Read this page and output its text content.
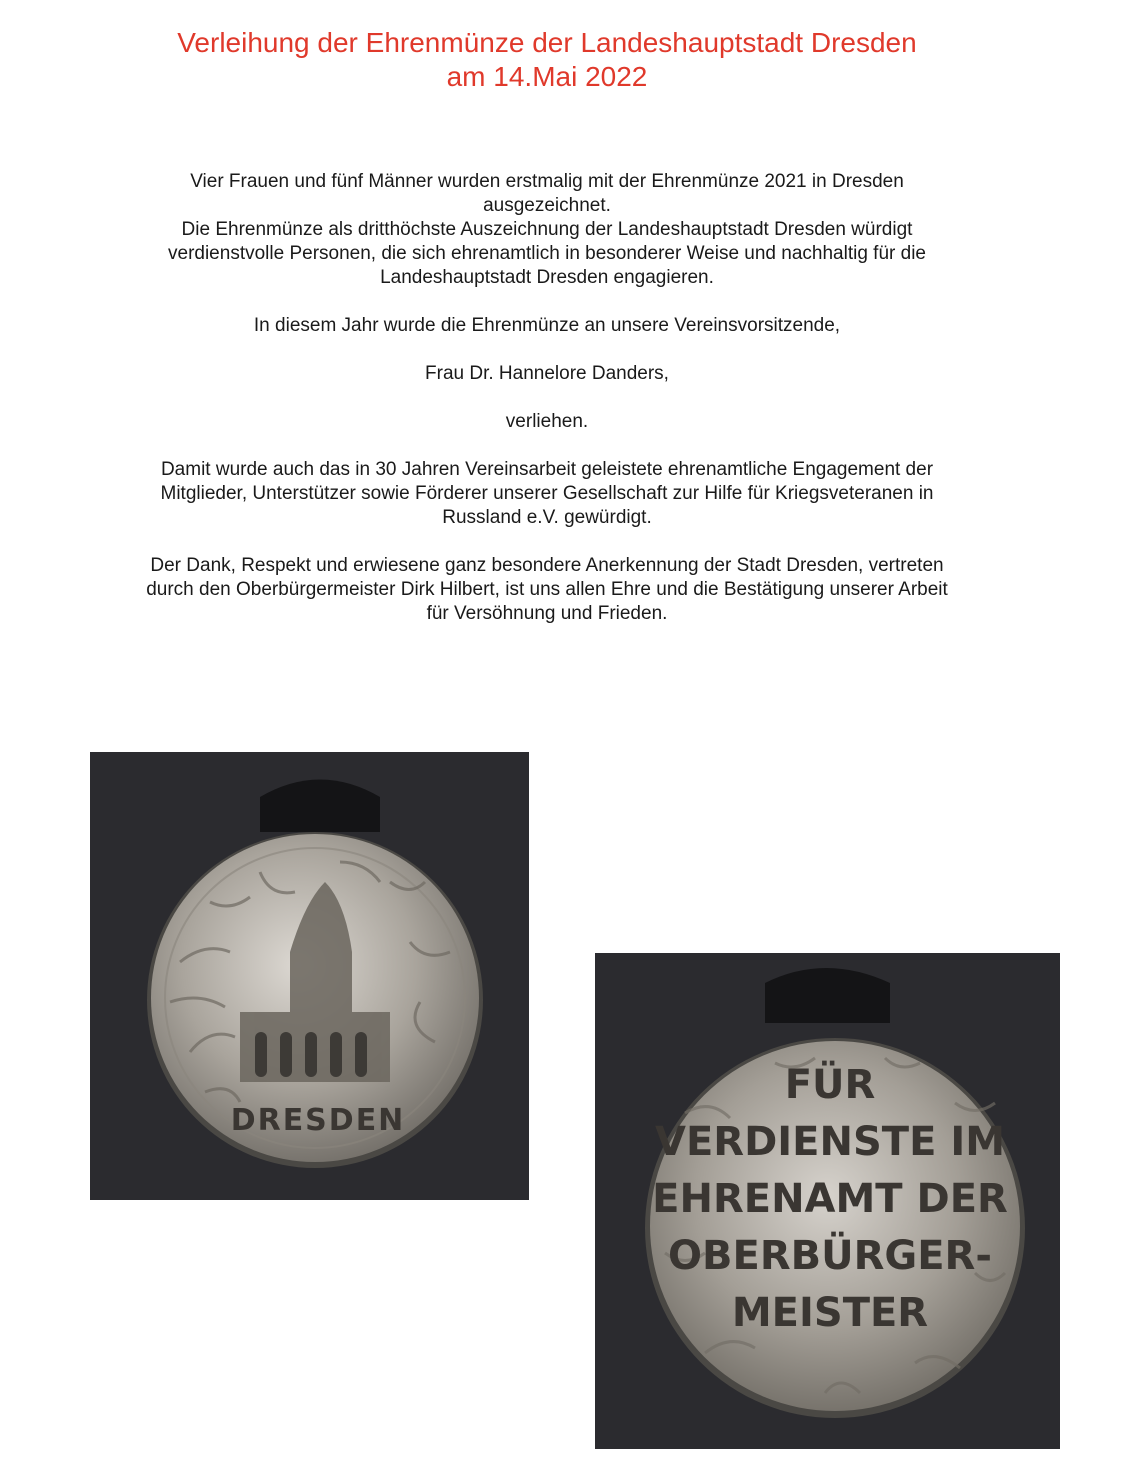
Verleihung der Ehrenmünze der Landeshauptstadt Dresden
am 14.Mai 2022

Vier Frauen und fünf Männer wurden erstmalig mit der Ehrenmünze 2021 in Dresden
ausgezeichnet.
Die Ehrenmünze als dritthöchste Auszeichnung der Landeshauptstadt Dresden würdigt
verdienstvolle Personen, die sich ehrenamtlich in besonderer Weise und nachhaltig für die
Landeshauptstadt Dresden engagieren.

In diesem Jahr wurde die Ehrenmünze an unsere Vereinsvorsitzende,

Frau Dr. Hannelore Danders,

verliehen.

Damit wurde auch das in 30 Jahren Vereinsarbeit geleistete ehrenamtliche Engagement der
Mitglieder, Unterstützer sowie Förderer unserer Gesellschaft zur Hilfe für Kriegsveteranen in
Russland e.V. gewürdigt.

Der Dank, Respekt und erwiesene ganz besondere Anerkennung der Stadt Dresden, vertreten
durch den Oberbürgermeister Dirk Hilbert, ist uns allen Ehre und die Bestätigung unserer Arbeit
für Versöhnung und Frieden.

DRESDEN
FÜR
VERDIENSTE IM
EHRENAMT DER
OBERBÜRGER-
MEISTER
